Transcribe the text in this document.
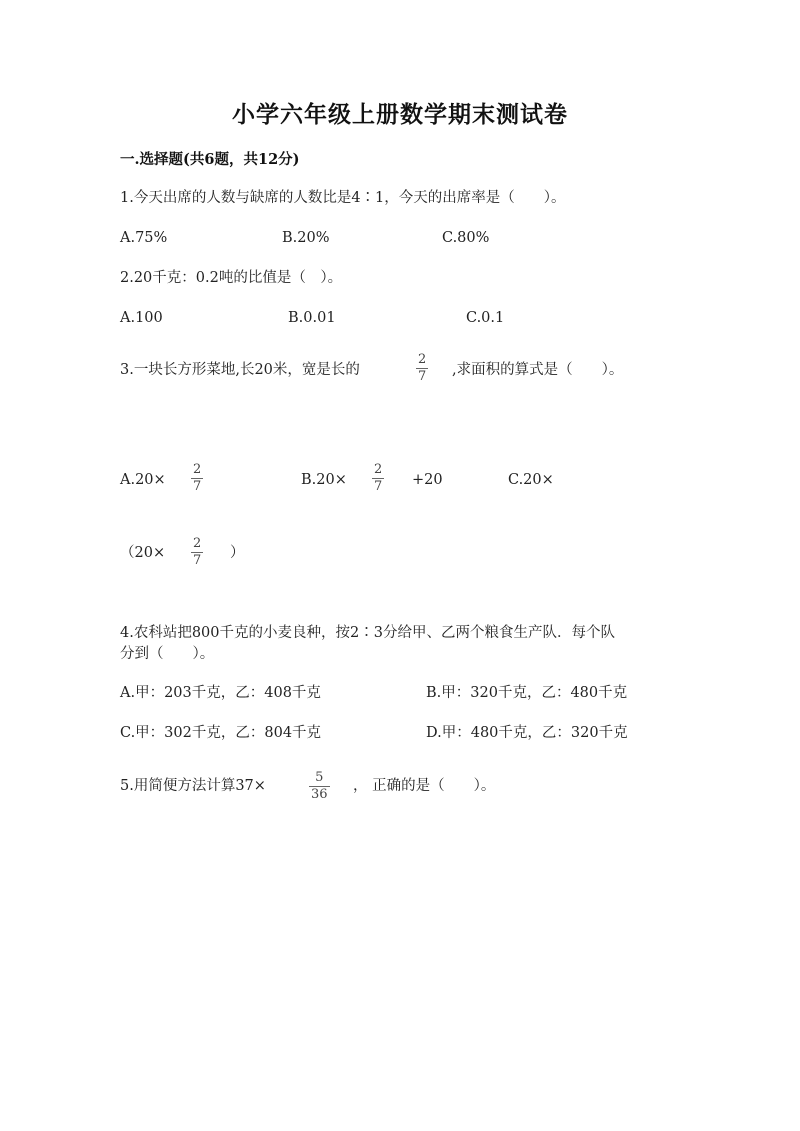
小学六年级上册数学期末测试卷
一.选择题(共6题，共12分)
1.今天出席的人数与缺席的人数比是4∶1，今天的出席率是（　　）。
A.75%	B.20%	C.80%
2.20千克：0.2吨的比值是（　）。
A.100	B.0.01	C.0.1
3.一块长方形菜地,长20米，宽是长的
2
7 ,求面积的算式是（　　）。
A.20×
2
7	B.20×
2
7 +20	C.20×
（20×
2
7 ）
4.农科站把800千克的小麦良种，按2∶3分给甲、乙两个粮食生产队．每个队
分到（　　）。
A.甲：203千克，乙：408千克	B.甲：320千克，乙：480千克
C.甲：302千克，乙：804千克	D.甲：480千克，乙：320千克
5.用简便方法计算37×
5
36
， 正确的是（　　）。
